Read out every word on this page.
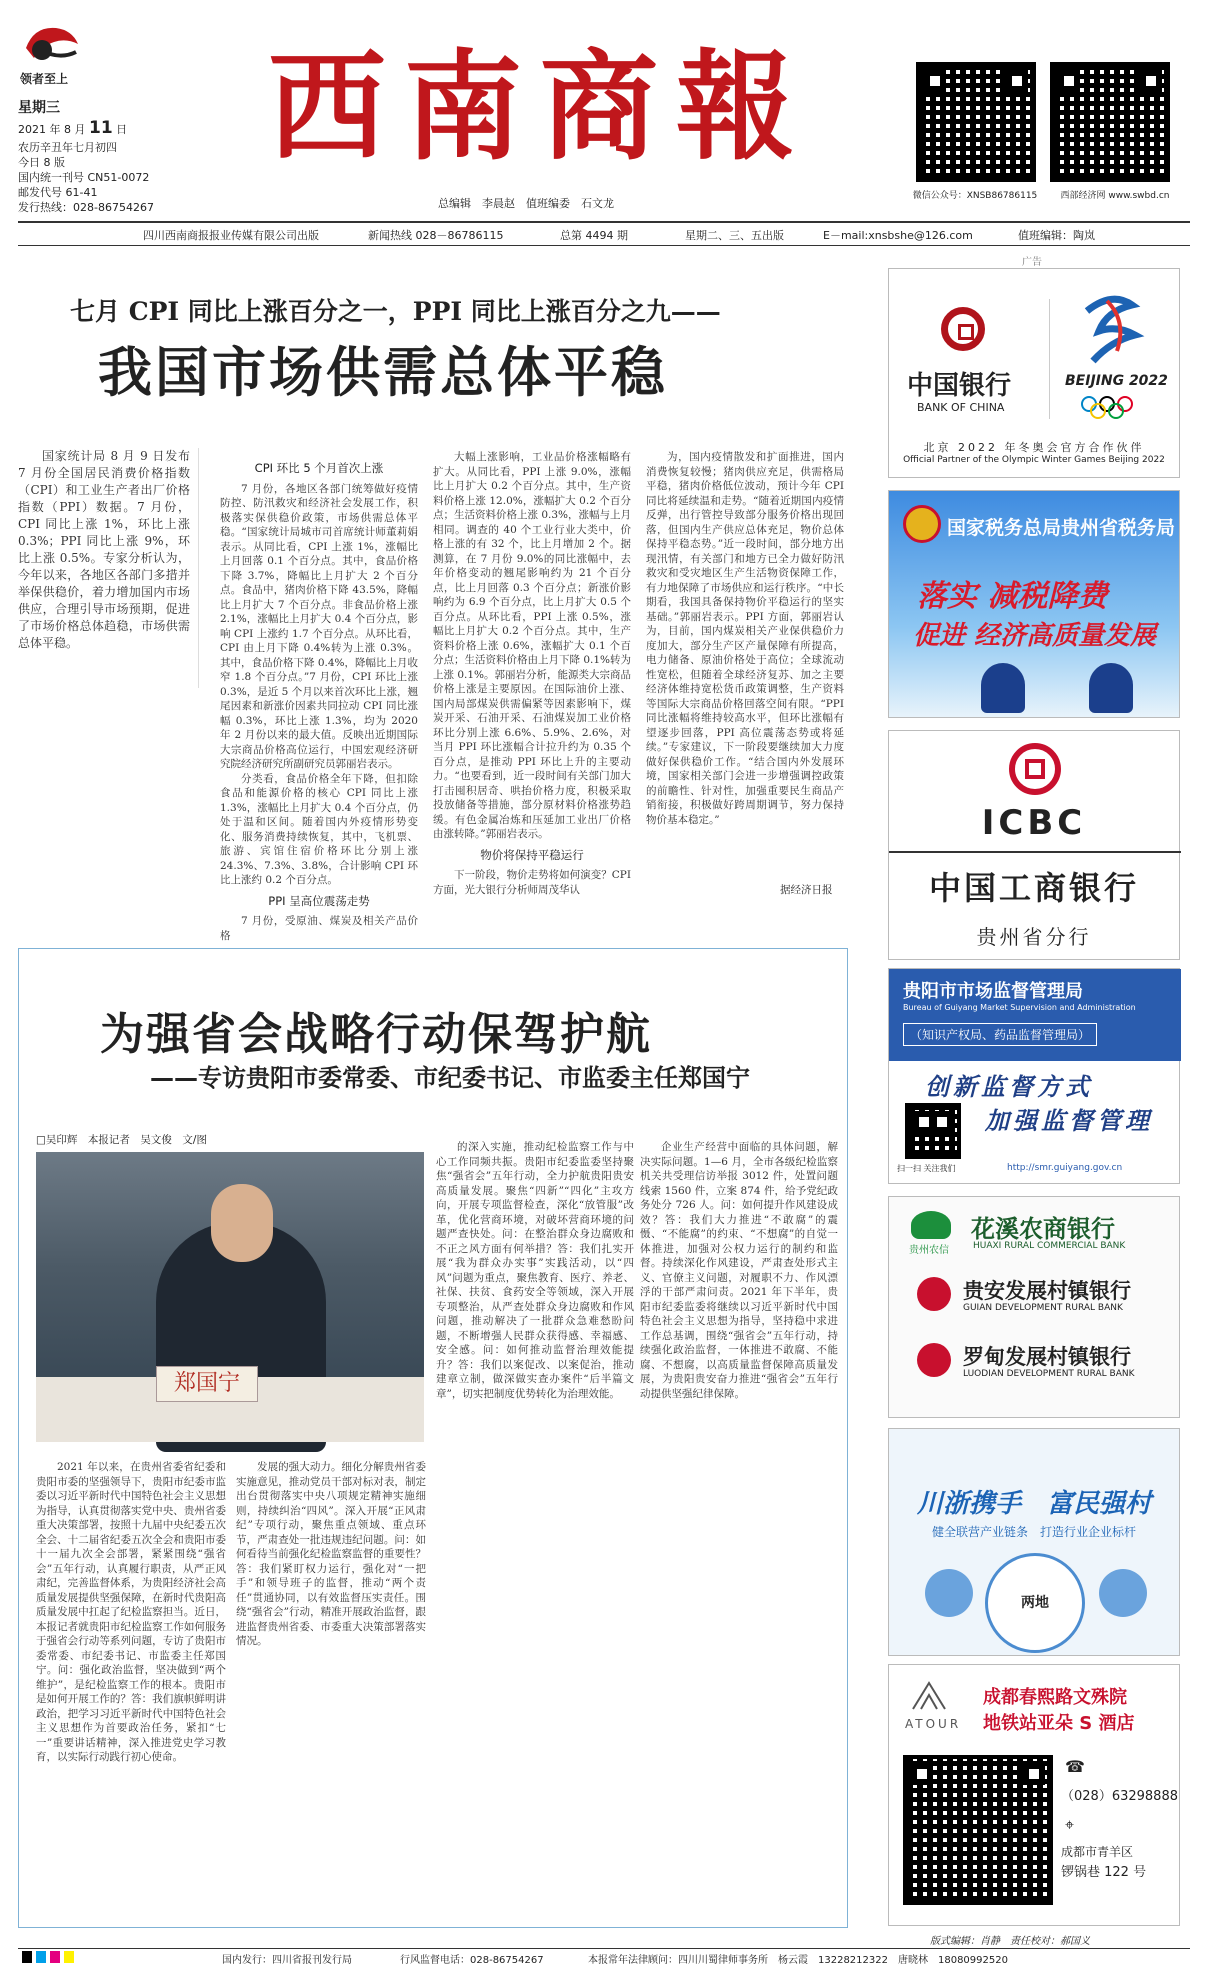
领者至上
星期三
2021 年 8 月 11 日
农历辛丑年七月初四
今日 8 版
国内统一刊号 CN51-0072
邮发代号 61-41
发行热线：028-86754267
西南商報
总编辑　李晨赵　值班编委　石文龙
微信公众号：XNSB86786115	西部经济网 www.swbd.cn
四川西南商报报业传媒有限公司出版	新闻热线 028－86786115	总第 4494 期	星期二、三、五出版	E－mail:xnsbshe@126.com	值班编辑：陶岚
七月 CPI 同比上涨百分之一，PPI 同比上涨百分之九——
我国市场供需总体平稳

国家统计局 8 月 9 日发布 7 月份全国居民消费价格指数（CPI）和工业生产者出厂价格指数（PPI）数据。7 月份，CPI 同比上涨 1%，环比上涨 0.3%；PPI 同比上涨 9%，环比上涨 0.5%。专家分析认为，今年以来，各地区各部门多措并举保供稳价，着力增加国内市场供应，合理引导市场预期，促进了市场价格总体趋稳，市场供需总体平稳。

CPI 环比 5 个月首次上涨

7 月份，各地区各部门统筹做好疫情防控、防汛救灾和经济社会发展工作，积极落实保供稳价政策，市场供需总体平稳。“国家统计局城市司首席统计师董莉娟表示。从同比看，CPI 上涨 1%，涨幅比上月回落 0.1 个百分点。其中，食品价格下降 3.7%，降幅比上月扩大 2 个百分点。食品中，猪肉价格下降 43.5%，降幅比上月扩大 7 个百分点。非食品价格上涨 2.1%，涨幅比上月扩大 0.4 个百分点，影响 CPI 上涨约 1.7 个百分点。从环比看，CPI 由上月下降 0.4%转为上涨 0.3%。其中，食品价格下降 0.4%，降幅比上月收窄 1.8 个百分点。”7 月份，CPI 环比上涨 0.3%，是近 5 个月以来首次环比上涨，翘尾因素和新涨价因素共同拉动 CPI 同比涨幅 0.3%，环比上涨 1.3%，均为 2020 年 2 月份以来的最大值。反映出近期国际大宗商品价格高位运行，中国宏观经济研究院经济研究所副研究员郭丽岩表示。

分类看，食品价格全年下降，但扣除食品和能源价格的核心 CPI 同比上涨 1.3%，涨幅比上月扩大 0.4 个百分点，仍处于温和区间。随着国内外疫情形势变化、服务消费持续恢复，其中，飞机票、旅游、宾馆住宿价格环比分别上涨 24.3%、7.3%、3.8%，合计影响 CPI 环比上涨约 0.2 个百分点。

PPI 呈高位震荡走势

7 月份，受原油、煤炭及相关产品价格

大幅上涨影响，工业品价格涨幅略有扩大。从同比看，PPI 上涨 9.0%，涨幅比上月扩大 0.2 个百分点。其中，生产资料价格上涨 12.0%，涨幅扩大 0.2 个百分点；生活资料价格上涨 0.3%，涨幅与上月相同。调查的 40 个工业行业大类中，价格上涨的有 32 个，比上月增加 2 个。据测算，在 7 月份 9.0%的同比涨幅中，去年价格变动的翘尾影响约为 21 个百分点，比上月回落 0.3 个百分点；新涨价影响约为 6.9 个百分点，比上月扩大 0.5 个百分点。从环比看，PPI 上涨 0.5%，涨幅比上月扩大 0.2 个百分点。其中，生产资料价格上涨 0.6%，涨幅扩大 0.1 个百分点；生活资料价格由上月下降 0.1%转为上涨 0.1%。郭丽岩分析，能源类大宗商品价格上涨是主要原因。在国际油价上涨、国内局部煤炭供需偏紧等因素影响下，煤炭开采、石油开采、石油煤炭加工业价格环比分别上涨 6.6%、5.9%、2.6%，对当月 PPI 环比涨幅合计拉升约为 0.35 个百分点，是推动 PPI 环比上升的主要动力。“也要看到，近一段时间有关部门加大打击囤积居奇、哄抬价格力度，积极采取投放储备等措施，部分原材料价格涨势趋缓。有色金属冶炼和压延加工业出厂价格由涨转降。”郭丽岩表示。

物价将保持平稳运行

下一阶段，物价走势将如何演变？CPI 方面，光大银行分析师周茂华认

为，国内疫情散发和扩面推进，国内消费恢复较慢；猪肉供应充足，供需格局平稳，猪肉价格低位波动，预计今年 CPI 同比将延续温和走势。“随着近期国内疫情反弹，出行管控导致部分服务价格出现回落，但国内生产供应总体充足，物价总体保持平稳态势。”近一段时间，部分地方出现汛情，有关部门和地方已全力做好防汛救灾和受灾地区生产生活物资保障工作，有力地保障了市场供应和运行秩序。“中长期看，我国具备保持物价平稳运行的坚实基础。”郭丽岩表示。PPI 方面，郭丽岩认为，目前，国内煤炭相关产业保供稳价力度加大，部分生产区产量保障有所提高，电力储备、原油价格处于高位；全球流动性宽松，但随着全球经济复苏、加之主要经济体维持宽松货币政策调整，生产资料等国际大宗商品价格回落空间有限。“PPI 同比涨幅将维持较高水平，但环比涨幅有望逐步回落，PPI 高位震荡态势或将延续。”专家建议，下一阶段要继续加大力度做好保供稳价工作。“结合国内外发展环境，国家相关部门会进一步增强调控政策的前瞻性、针对性，加强重要民生商品产销衔接，积极做好跨周期调节，努力保持物价基本稳定。”

据经济日报
为强省会战略行动保驾护航
——专访贵阳市委常委、市纪委书记、市监委主任郑国宁
□吴印辉　本报记者　吴文俊　文/图
郑国宁

2021 年以来，在贵州省委省纪委和贵阳市委的坚强领导下，贵阳市纪委市监委以习近平新时代中国特色社会主义思想为指导，认真贯彻落实党中央、贵州省委重大决策部署，按照十九届中央纪委五次全会、十二届省纪委五次全会和贵阳市委十一届九次全会部署，紧紧围绕“强省会”五年行动，认真履行职责，从严正风肃纪，完善监督体系，为贵阳经济社会高质量发展提供坚强保障，在新时代贵阳高质量发展中扛起了纪检监察担当。近日，本报记者就贵阳市纪检监察工作如何服务于强省会行动等系列问题，专访了贵阳市委常委、市纪委书记、市监委主任郑国宁。问：强化政治监督，坚决做到“两个维护”，是纪检监察工作的根本。贵阳市是如何开展工作的？答：我们旗帜鲜明讲政治，把学习习近平新时代中国特色社会主义思想作为首要政治任务，紧扣“七一”重要讲话精神，深入推进党史学习教育，以实际行动践行初心使命。

发展的强大动力。细化分解贵州省委实施意见，推动党员干部对标对表，制定出台贯彻落实中央八项规定精神实施细则，持续纠治“四风”。深入开展“正风肃纪”专项行动，聚焦重点领域、重点环节，严肃查处一批违规违纪问题。问：如何看待当前强化纪检监察监督的重要性？答：我们紧盯权力运行，强化对“一把手”和领导班子的监督，推动“两个责任”贯通协同，以有效监督压实责任。围绕“强省会”行动，精准开展政治监督，跟进监督贵州省委、市委重大决策部署落实情况。

的深入实施，推动纪检监察工作与中心工作同频共振。贵阳市纪委监委坚持聚焦“强省会”五年行动，全力护航贵阳贵安高质量发展。聚焦“四新”“四化”主攻方向，开展专项监督检查，深化“放管服”改革，优化营商环境，对破坏营商环境的问题严查快处。问：在整治群众身边腐败和不正之风方面有何举措？答：我们扎实开展“我为群众办实事”实践活动，以“四风”问题为重点，聚焦教育、医疗、养老、社保、扶贫、食药安全等领域，深入开展专项整治，从严查处群众身边腐败和作风问题，推动解决了一批群众急难愁盼问题，不断增强人民群众获得感、幸福感、安全感。问：如何推动监督治理效能提升？答：我们以案促改、以案促治，推动建章立制，做深做实查办案件“后半篇文章”，切实把制度优势转化为治理效能。

企业生产经营中面临的具体问题，解决实际问题。1—6 月，全市各级纪检监察机关共受理信访举报 3012 件，处置问题线索 1560 件，立案 874 件，给予党纪政务处分 726 人。问：如何提升作风建设成效？答：我们大力推进“不敢腐”的震慑、“不能腐”的约束、“不想腐”的自觉一体推进，加强对公权力运行的制约和监督。持续深化作风建设，严肃查处形式主义、官僚主义问题，对履职不力、作风漂浮的干部严肃问责。2021 年下半年，贵阳市纪委监委将继续以习近平新时代中国特色社会主义思想为指导，坚持稳中求进工作总基调，围绕“强省会”五年行动，持续强化政治监督，一体推进不敢腐、不能腐、不想腐，以高质量监督保障高质量发展，为贵阳贵安奋力推进“强省会”五年行动提供坚强纪律保障。

广告
中国银行
BANK OF CHINA
BEIJING 2022
北京 2022 年冬奥会官方合作伙伴
Official Partner of the Olympic Winter Games Beijing 2022
国家税务总局贵州省税务局
落实 减税降费
促进 经济高质量发展
ICBC
中国工商银行
贵州省分行
贵阳市市场监督管理局
Bureau of Guiyang Market Supervision and Administration
（知识产权局、药品监督管理局）
创新监督方式
加强监督管理
扫一扫 关注我们	http://smr.guiyang.gov.cn
贵州农信
花溪农商银行
HUAXI RURAL COMMERCIAL BANK
贵安发展村镇银行
GUIAN DEVELOPMENT RURAL BANK
罗甸发展村镇银行
LUODIAN DEVELOPMENT RURAL BANK
川浙携手　富民强村
健全联营产业链条　打造行业企业标杆
两地
ATOUR
成都春熙路文殊院
地铁站亚朵 S 酒店
☎
（028）63298888
⌖
成都市青羊区
锣锅巷 122 号
版式编辑：肖静　责任校对：郝国义
国内发行：四川省报刊发行局	行风监督电话：028-86754267	本报常年法律顾问：四川川蜀律师事务所　杨云霞　13228212322　唐晓林　18080992520
